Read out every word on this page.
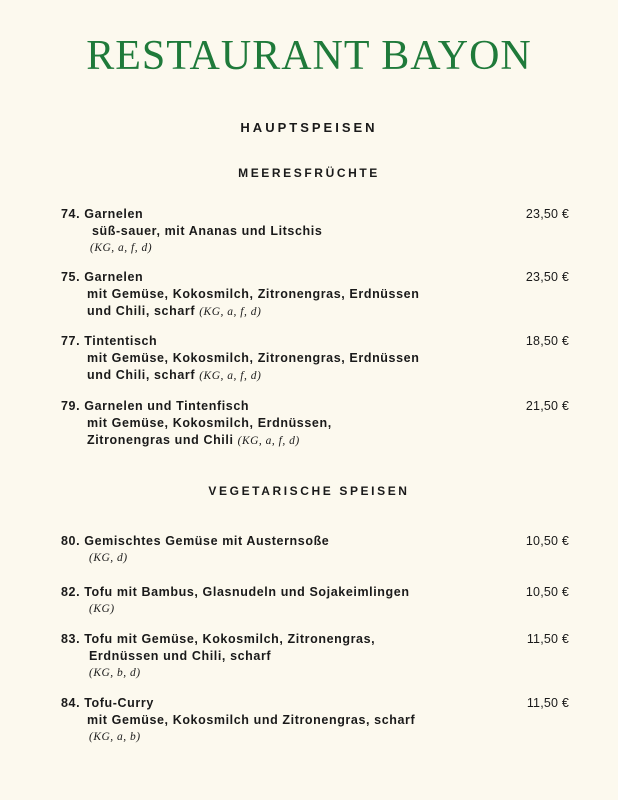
RESTAURANT BAYON
HAUPTSPEISEN
MEERESFRÜCHTE
74. Garnelen
süß-sauer, mit Ananas und Litschis
(KG, a, f, d)
23,50 €
75. Garnelen
mit Gemüse, Kokosmilch, Zitronengras, Erdnüssen
und Chili, scharf (KG, a, f, d)
23,50 €
77. Tintentisch
mit Gemüse, Kokosmilch, Zitronengras, Erdnüssen
und Chili, scharf (KG, a, f, d)
18,50 €
79. Garnelen und Tintenfisch
mit Gemüse, Kokosmilch, Erdnüssen,
Zitronengras und Chili (KG, a, f, d)
21,50 €
VEGETARISCHE SPEISEN
80. Gemischtes Gemüse mit Austernsoße
(KG, d)
10,50 €
82. Tofu mit Bambus, Glasnudeln und Sojakeimlingen
(KG)
10,50 €
83. Tofu mit Gemüse, Kokosmilch, Zitronengras,
Erdnüssen und Chili, scharf
(KG, b, d)
11,50 €
84. Tofu-Curry
mit Gemüse, Kokosmilch und Zitronengras, scharf
(KG, a, b)
11,50 €
